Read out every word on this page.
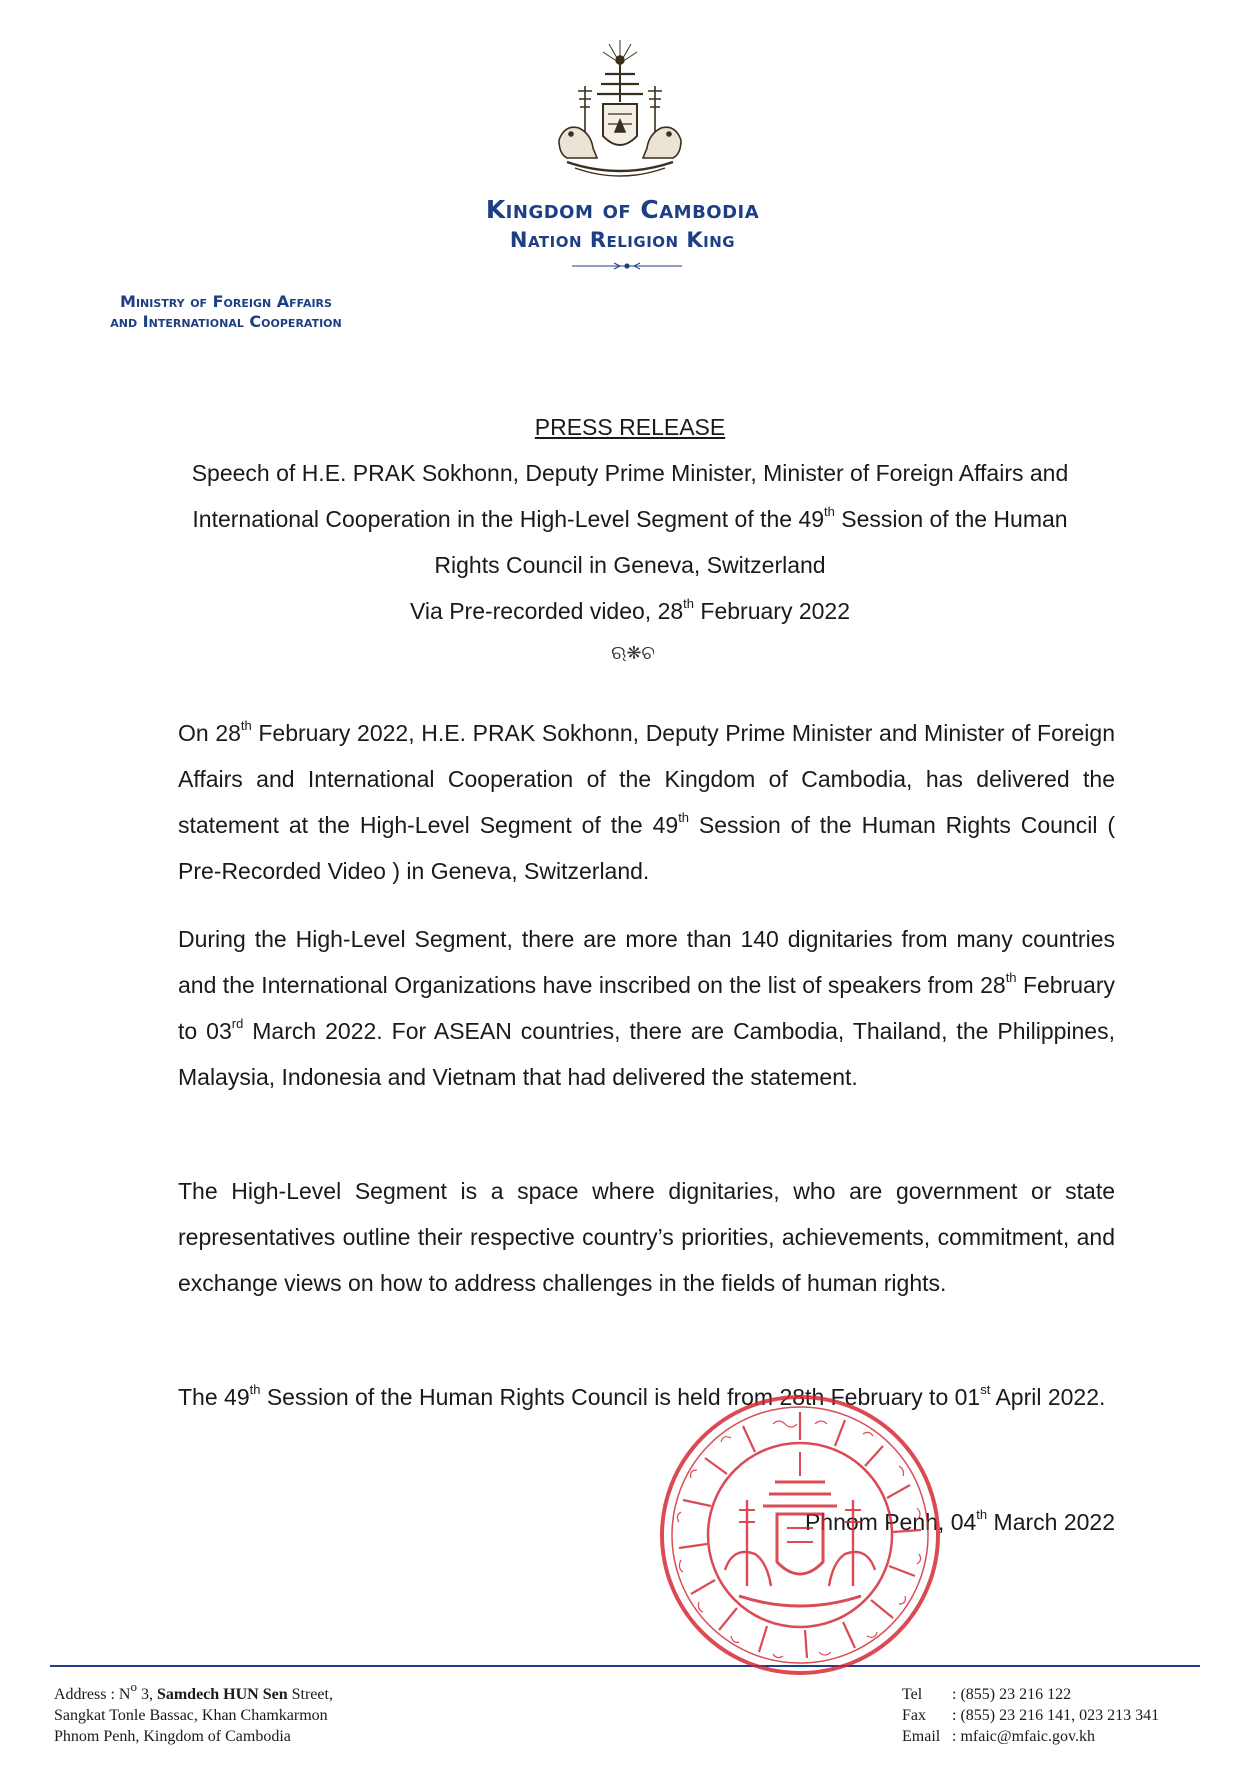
Kingdom of Cambodia
Nation Religion King
Ministry of Foreign Affairs
and International Cooperation
PRESS RELEASE
Speech of H.E. PRAK Sokhonn, Deputy Prime Minister, Minister of Foreign Affairs and
International Cooperation in the High-Level Segment of the 49th Session of the Human
Rights Council in Geneva, Switzerland
Via Pre-recorded video, 28th February 2022
ଋ❋ଚ
On 28th February 2022, H.E. PRAK Sokhonn, Deputy Prime Minister and Minister of Foreign Affairs and International Cooperation of the Kingdom of Cambodia, has delivered the statement at the High-Level Segment of the 49th Session of the Human Rights Council ( Pre-Recorded Video ) in Geneva, Switzerland.
During the High-Level Segment, there are more than 140 dignitaries from many countries and the International Organizations have inscribed on the list of speakers from 28th February to 03rd March 2022. For ASEAN countries, there are Cambodia, Thailand, the Philippines, Malaysia, Indonesia and Vietnam that had delivered the statement.
The High-Level Segment is a space where dignitaries, who are government or state representatives outline their respective country’s priorities, achievements, commitment, and exchange views on how to address challenges in the fields of human rights.
The 49th Session of the Human Rights Council is held from 28th February to 01st April 2022.
Phnom Penh, 04th March 2022
Address : $N^o$ 3, Samdech HUN Sen Street,
Sangkat Tonle Bassac, Khan Chamkarmon
Phnom Penh, Kingdom of Cambodia
Tel : (855) 23 216 122
Fax : (855) 23 216 141, 023 213 341
Email : mfaic@mfaic.gov.kh
